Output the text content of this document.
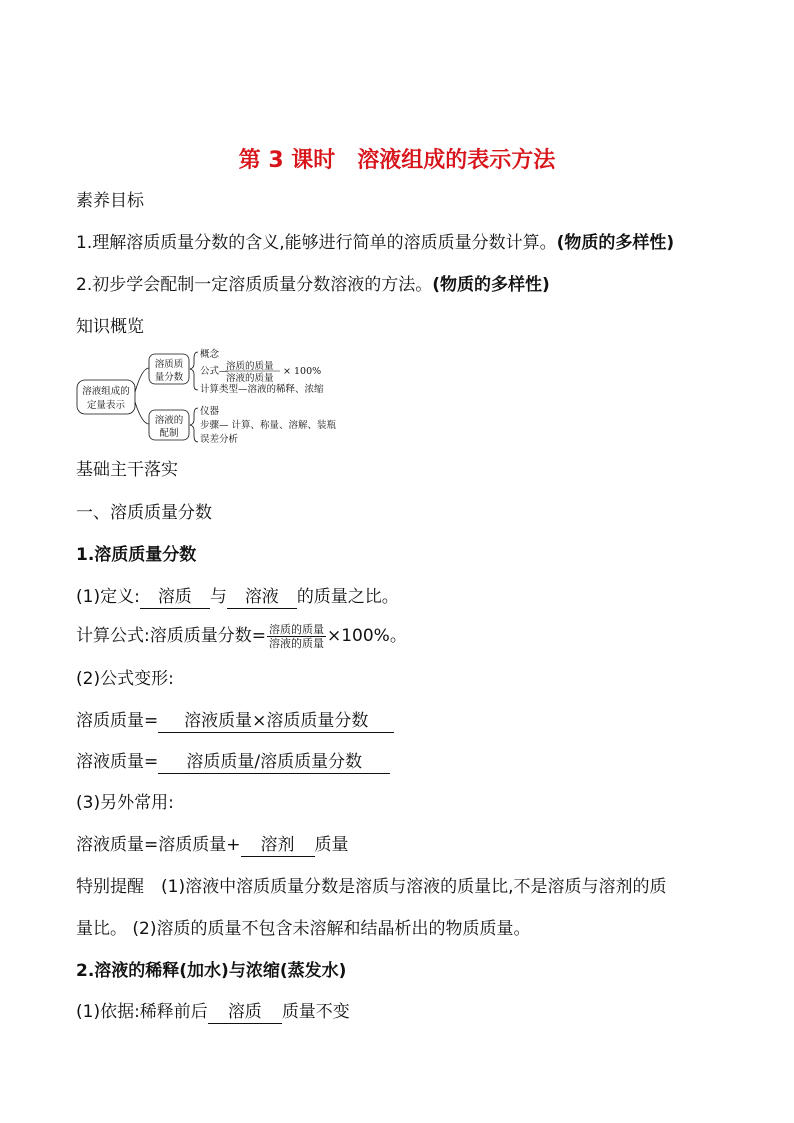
第 3 课时　溶液组成的表示方法
素养目标
1.理解溶质质量分数的含义,能够进行简单的溶质质量分数计算。(物质的多样性)
2.初步学会配制一定溶质质量分数溶液的方法。(物质的多样性)
知识概览
溶液组成的
定量表示
溶质质
量分数
概念
公式—
溶质的质量
溶液的质量
× 100%
计算类型—溶液的稀释、浓缩
溶液的
配制
仪器
步骤— 计算、称量、溶解、装瓶
误差分析
基础主干落实
一、溶质质量分数
1.溶质质量分数
(1)定义: 溶质 与 溶液 的质量之比。
计算公式:溶质质量分数= $\frac{\text{溶质的质量}}{\text{溶液的质量}} \times 100\%$。
(2)公式变形:
溶质质量= 溶液质量×溶质质量分数
溶液质量= 溶质质量/溶质质量分数
(3)另外常用:
溶液质量=溶质质量+ 溶剂 质量
特别提醒　(1)溶液中溶质质量分数是溶质与溶液的质量比,不是溶质与溶剂的质
量比。 (2)溶质的质量不包含未溶解和结晶析出的物质质量。
2.溶液的稀释(加水)与浓缩(蒸发水)
(1)依据:稀释前后 溶质 质量不变
